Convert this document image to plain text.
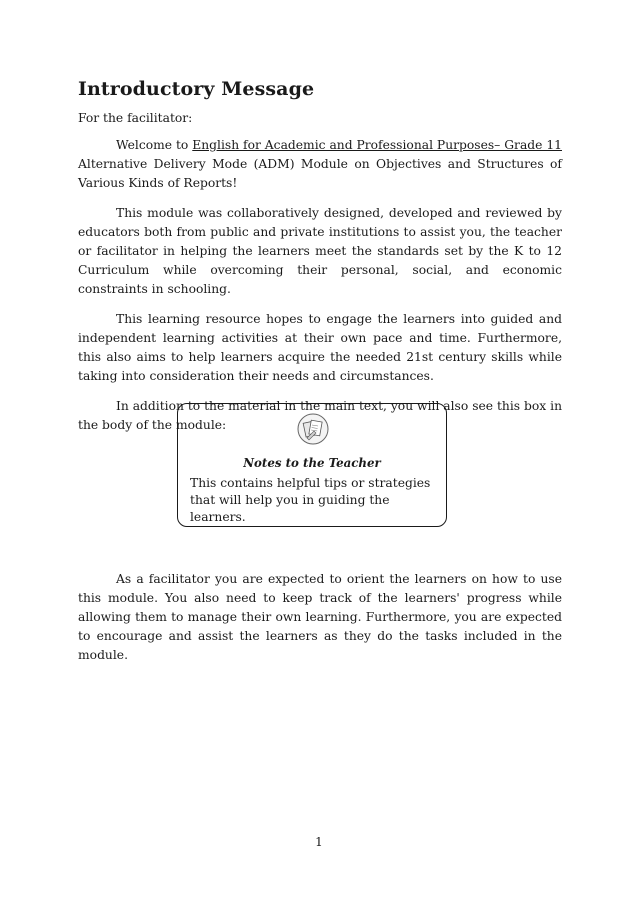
Introductory Message
For the facilitator:

Welcome to English for Academic and Professional Purposes– Grade 11 Alternative Delivery Mode (ADM) Module on Objectives and Structures of Various Kinds of Reports!

This module was collaboratively designed, developed and reviewed by educators both from public and private institutions to assist you, the teacher or facilitator in helping the learners meet the standards set by the K to 12 Curriculum while overcoming their personal, social, and economic constraints in schooling.

This learning resource hopes to engage the learners into guided and independent learning activities at their own pace and time. Furthermore, this also aims to help learners acquire the needed 21st century skills while taking into consideration their needs and circumstances.

In addition to the material in the main text, you will also see this box in the body of the module:

Notes to the Teacher
This contains helpful tips or strategies that will help you in guiding the learners.

As a facilitator you are expected to orient the learners on how to use this module. You also need to keep track of the learners' progress while allowing them to manage their own learning. Furthermore, you are expected to encourage and assist the learners as they do the tasks included in the module.

1
